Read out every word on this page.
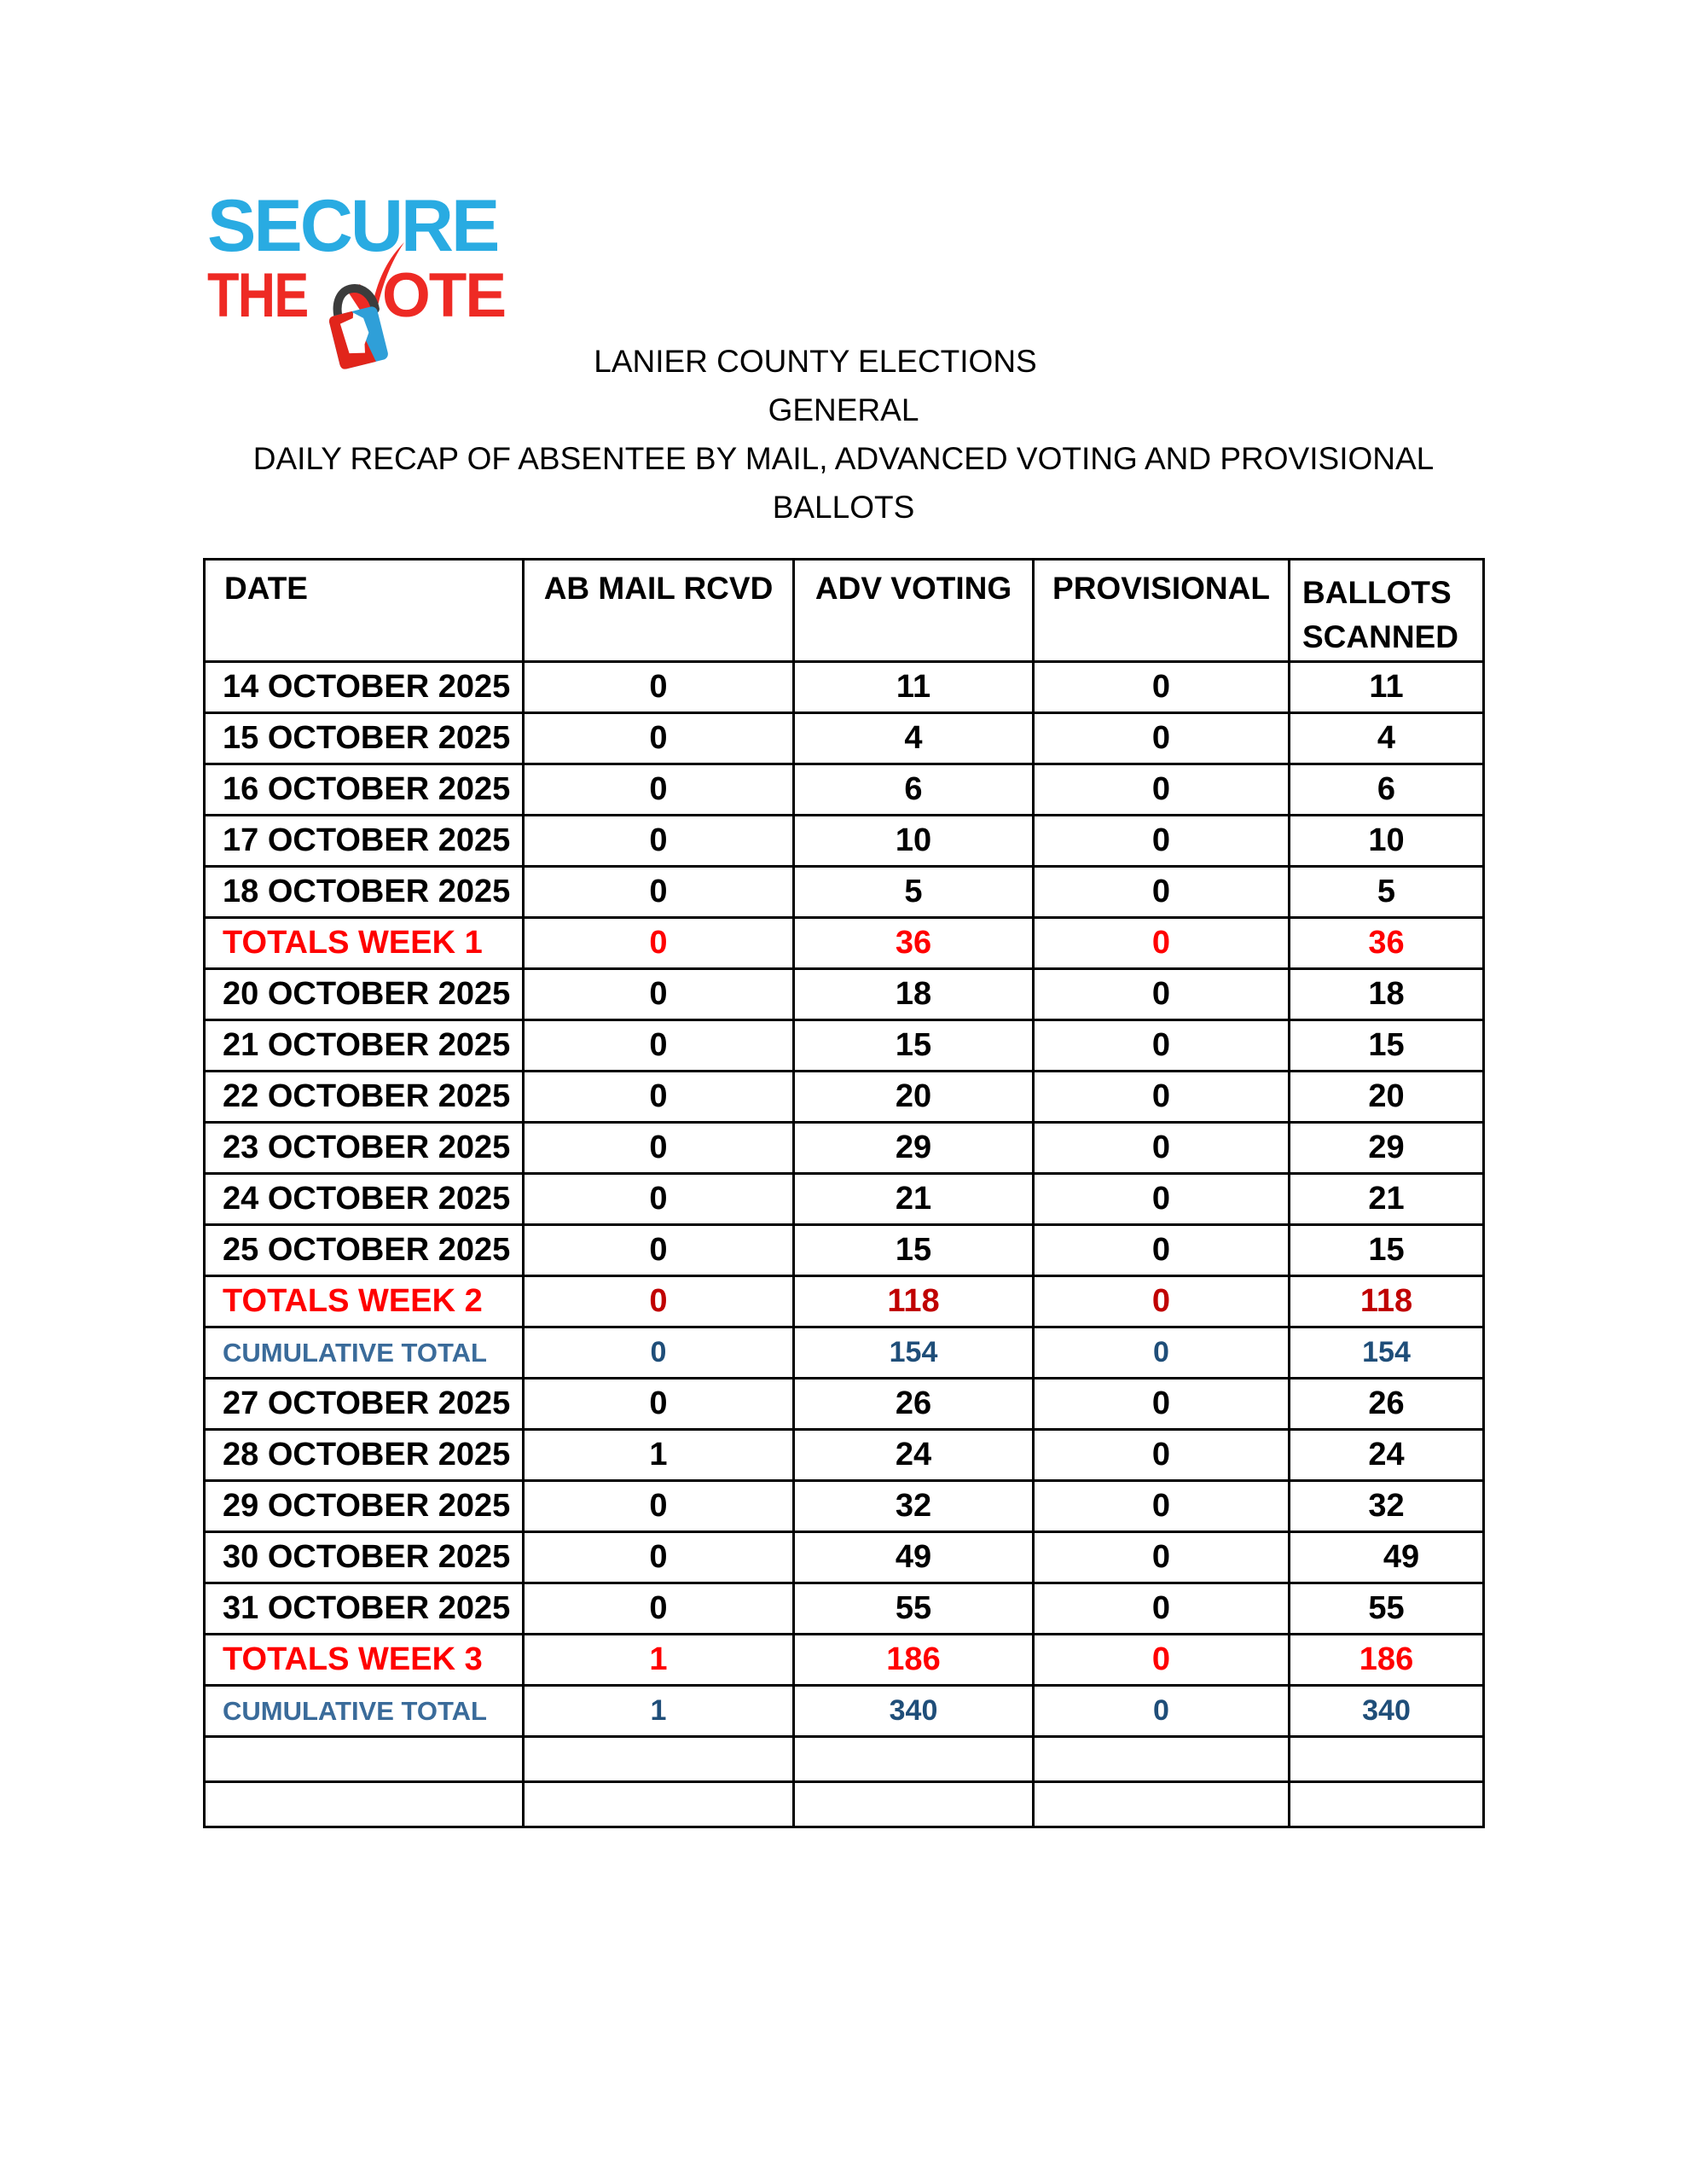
SECURE
THE OTE
LANIER COUNTY ELECTIONS
GENERAL
DAILY RECAP OF ABSENTEE BY MAIL, ADVANCED VOTING AND PROVISIONAL
BALLOTS
DATE	AB MAIL RCVD	ADV VOTING	PROVISIONAL	BALLOTS SCANNED
14 OCTOBER 2025	0	11	0	11
15 OCTOBER 2025	0	4	0	4
16 OCTOBER 2025	0	6	0	6
17 OCTOBER 2025	0	10	0	10
18 OCTOBER 2025	0	5	0	5
TOTALS WEEK 1	0	36	0	36
20 OCTOBER 2025	0	18	0	18
21 OCTOBER 2025	0	15	0	15
22 OCTOBER 2025	0	20	0	20
23 OCTOBER 2025	0	29	0	29
24 OCTOBER 2025	0	21	0	21
25 OCTOBER 2025	0	15	0	15
TOTALS WEEK 2	0	118	0	118
CUMULATIVE TOTAL	0	154	0	154
27 OCTOBER 2025	0	26	0	26
28 OCTOBER 2025	1	24	0	24
29 OCTOBER 2025	0	32	0	32
30 OCTOBER 2025	0	49	0	49
31 OCTOBER 2025	0	55	0	55
TOTALS WEEK 3	1	186	0	186
CUMULATIVE TOTAL	1	340	0	340
